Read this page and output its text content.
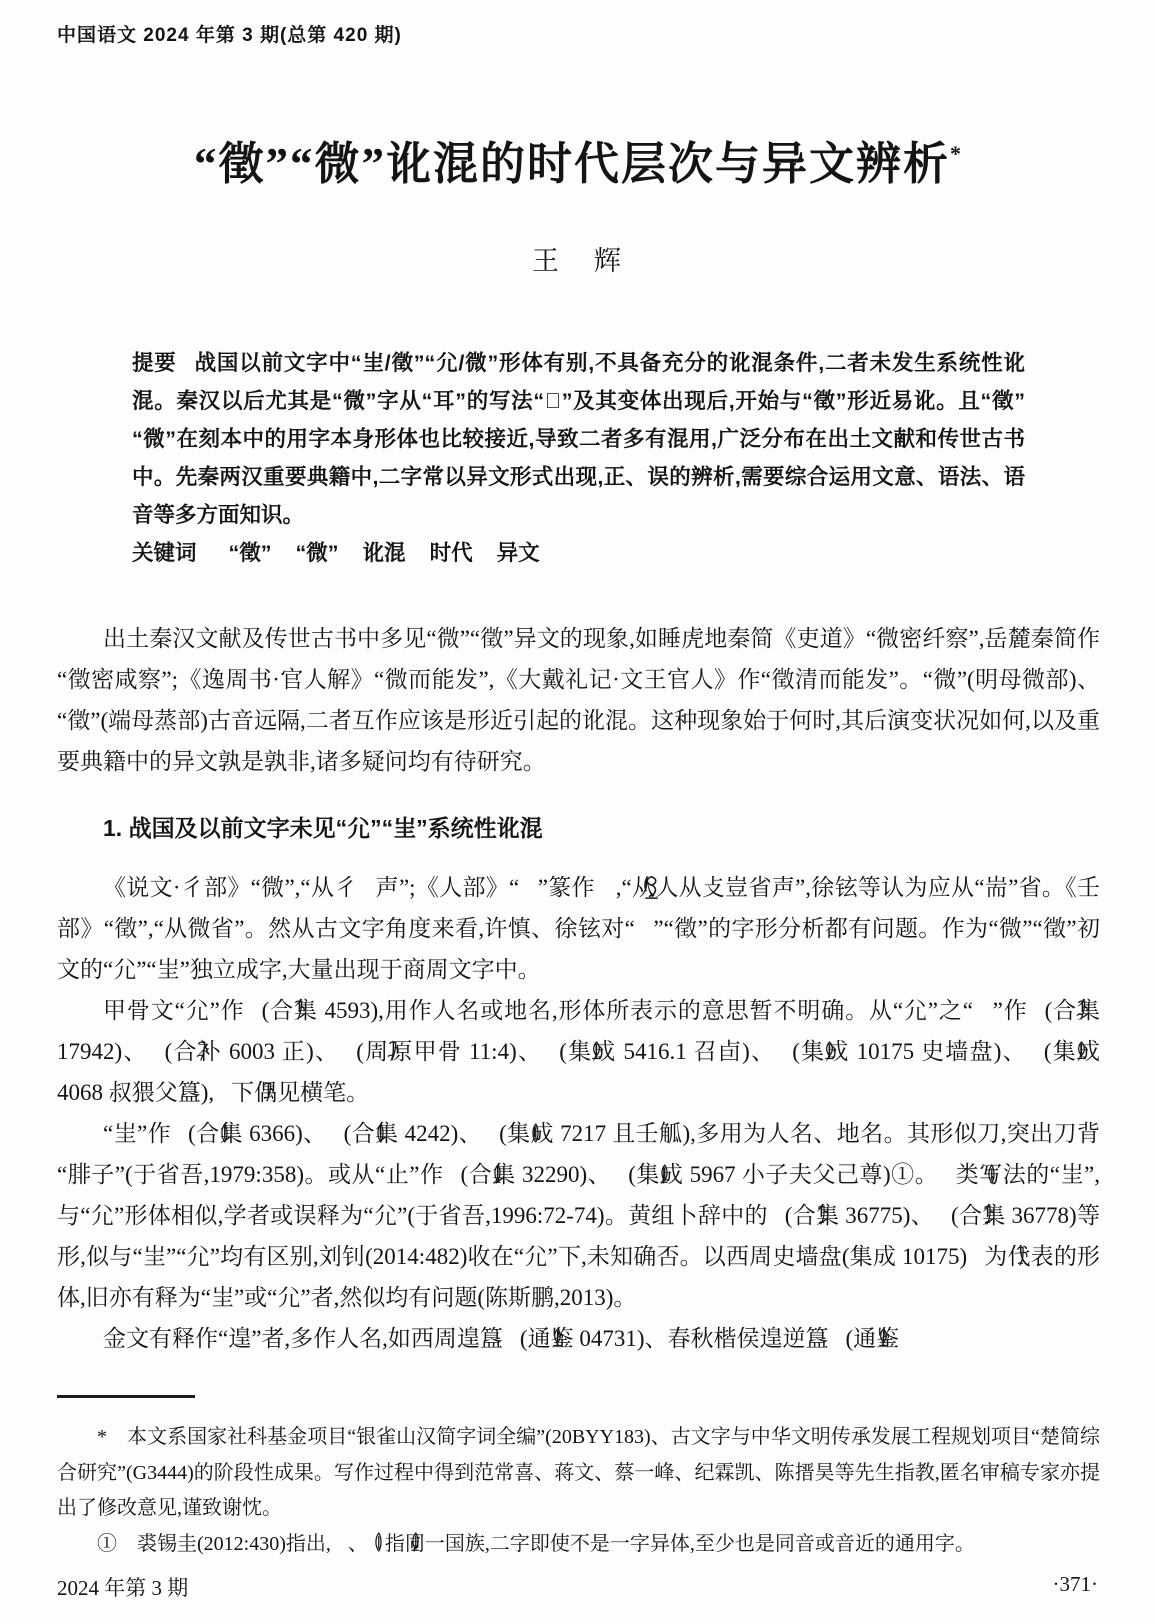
中国语文 2024 年第 3 期(总第 420 期)
“徵”“微”讹混的时代层次与异文辨析*
王　辉

提要 战国以前文字中“㞷/徵”“尣/微”形体有别,不具备充分的讹混条件,二者未发生系统性讹混。秦汉以后尤其是“微”字从“耳”的写法“𢼸”及其变体出现后,开始与“徵”形近易讹。且“徵”“微”在刻本中的用字本身形体也比较接近,导致二者多有混用,广泛分布在出土文献和传世古书中。先秦两汉重要典籍中,二字常以异文形式出现,正、误的辨析,需要综合运用文意、语法、语音等多方面知识。

关键词 “徵” “微” 讹混 时代 异文

出土秦汉文献及传世古书中多见“微”“徵”异文的现象,如睡虎地秦简《吏道》“微密纤察”,岳麓秦简作“徵密咸察”;《逸周书·官人解》“微而能发”,《大戴礼记·文王官人》作“徵清而能发”。“微”(明母微部)、“徵”(端母蒸部)古音远隔,二者互作应该是形近引起的讹混。这种现象始于何时,其后演变状况如何,以及重要典籍中的异文孰是孰非,诸多疑问均有待研究。

1. 战国及以前文字未见“尣”“㞷”系统性讹混

《说文·彳部》“微”,“从彳𢼸声”;《人部》“𢼸”篆作 ,“从人从攴豈省声”,徐铉等认为应从“耑”省。《壬部》“徵”,“从微省”。然从古文字角度来看,许慎、徐铉对“𢼸”“徵”的字形分析都有问题。作为“微”“徵”初文的“尣”“㞷”独立成字,大量出现于商周文字中。

甲骨文“尣”作 (合集 4593),用作人名或地名,形体所表示的意思暂不明确。从“尣”之“𢼸”作 (合集 17942)、 (合补 6003 正)、 (周原甲骨 11:4)、 (集成 5416.1 召卣)、 (集成 10175 史墙盘)、 (集成 4068 叔猥父簋), 下偶见横笔。

“㞷”作 (合集 6366)、 (合集 4242)、 (集成 7217 且壬觚),多用为人名、地名。其形似刀,突出刀背“腓子”(于省吾,1979:358)。或从“止”作 (合集 32290)、 (集成 5967 小子夫父己尊)①。 类写法的“㞷”,与“尣”形体相似,学者或误释为“尣”(于省吾,1996:72-74)。黄组卜辞中的 (合集 36775)、 (合集 36778)等形,似与“㞷”“尣”均有区别,刘钊(2014:482)收在“尣”下,未知确否。以西周史墙盘(集成 10175) 为代表的形体,旧亦有释为“㞷”或“尣”者,然似均有问题(陈斯鹏,2013)。

金文有释作“遑”者,多作人名,如西周遑簋 (通鉴 04731)、春秋楷侯遑逆簋 (通鉴

*　本文系国家社科基金项目“银雀山汉简字词全编”(20BYY183)、古文字与中华文明传承发展工程规划项目“楚简综合研究”(G3444)的阶段性成果。写作过程中得到范常喜、蒋文、蔡一峰、纪霖凯、陈搢昊等先生指教,匿名审稿专家亦提出了修改意见,谨致谢忱。

①　裘锡圭(2012:430)指出, 、 指同一国族,二字即使不是一字异体,至少也是同音或音近的通用字。

2024 年第 3 期	·371·
